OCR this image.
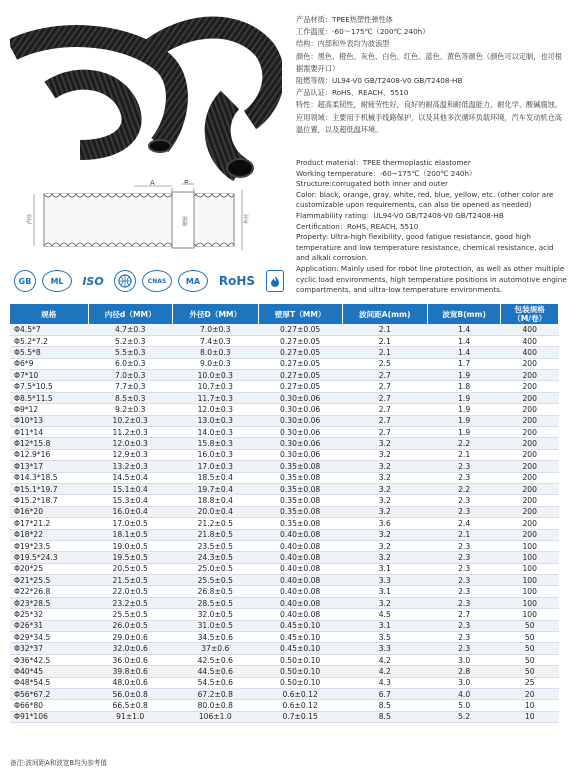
A	B
内径	外径
壁厚
GB	ML	ISO	CNAS	MA	RoHS

产品材质：TPEE热塑性弹性体

工作温度：-60～175℃（200℃ 240h）

结构：内部和外表均为波浪型

颜色：黑色、橙色、灰色、白色、红色、蓝色、黄色等颜色（颜色可以定制，也可根据需要开口）

阻燃等级：UL94-V0 GB/T2408-V0 GB/T2408-HB

产品认证：RoHS、REACH、5510

特性：超高柔韧性，耐疲劳性好，良好的耐高温和耐低温能力，耐化学、酸碱腐蚀。

应用领域：主要用于机械手线路保护，以及其他多次循环负载环境，汽车发动机仓高温位置，以及超低温环境。

Product material：TPEE thermoplastic elastomer

Working temperature：-60~175℃（200℃ 240h）

Structure:corrugated both inner and outer

Color: black, orange, gray, white, red, blue, yellow, etc. (other color are customizable upon requirements, can also be opened as needed)

Flammability rating：UL94-V0 GB/T2408-V0 GB/T2408-HB

Certification：RoHS, REACH, 5510

Property: Ultra-high flexibility, good fatigue resistance, good high temperature and low temperature resistance, chemical resistance, acid and alkali corrosion.

Application: Mainly used for robot line protection, as well as other multiple cyclic load environments, high temperature positions in automotive engine compartments, and ultra-low temperature environments.

规格	内径d（MM）	外径D（MM）	壁厚T（MM）	波间距A(mm)	波宽B(mm)	包装规格
（M/卷）
Φ4.5*7	4.7±0.3	7.0±0.3	0.27±0.05	2.1	1.4	400
Φ5.2*7.2	5.2±0.3	7.4±0.3	0.27±0.05	2.1	1.4	400
Φ5.5*8	5.5±0.3	8.0±0.3	0.27±0.05	2.1	1.4	400
Φ6*9	6.0±0.3	9.0±0.3	0.27±0.05	2.5	1.7	200
Φ7*10	7.0±0.3	10.0±0.3	0.27±0.05	2.7	1.9	200
Φ7.5*10.5	7.7±0.3	10.7±0.3	0.27±0.05	2.7	1.8	200
Φ8.5*11.5	8.5±0.3	11.7±0.3	0.30±0.06	2.7	1.9	200
Φ9*12	9.2±0.3	12.0±0.3	0.30±0.06	2.7	1.9	200
Φ10*13	10.2±0.3	13.0±0.3	0.30±0.06	2.7	1.9	200
Φ11*14	11.2±0.3	14.0±0.3	0.30±0.06	2.7	1.9	200
Φ12*15.8	12.0±0.3	15.8±0.3	0.30±0.06	3.2	2.2	200
Φ12.9*16	12.9±0.3	16.0±0.3	0.30±0.06	3.2	2.1	200
Φ13*17	13.2±0.3	17.0±0.3	0.35±0.08	3.2	2.3	200
Φ14.3*18.5	14.5±0.4	18.5±0.4	0.35±0.08	3.2	2.3	200
Φ15.1*19.7	15.1±0.4	19.7±0.4	0.35±0.08	3.2	2.2	200
Φ15.2*18.7	15.3±0.4	18.8±0.4	0.35±0.08	3.2	2.3	200
Φ16*20	16.0±0.4	20.0±0.4	0.35±0.08	3.2	2.3	200
Φ17*21.2	17.0±0.5	21.2±0.5	0.35±0.08	3.6	2.4	200
Φ18*22	18.1±0.5	21.8±0.5	0.40±0.08	3.2	2.1	200
Φ19*23.5	19.0±0.5	23.5±0.5	0.40±0.08	3.2	2.3	100
Φ19.5*24.3	19.5±0.5	24.3±0.5	0.40±0.08	3.2	2.3	100
Φ20*25	20.5±0.5	25.0±0.5	0.40±0.08	3.1	2.3	100
Φ21*25.5	21.5±0.5	25.5±0.5	0.40±0.08	3.3	2.3	100
Φ22*26.8	22.0±0.5	26.8±0.5	0.40±0.08	3.1	2.3	100
Φ23*28.5	23.2±0.5	28.5±0.5	0.40±0.08	3.2	2.3	100
Φ25*32	25.5±0.5	32.0±0.5	0.40±0.08	4.5	2.7	100
Φ26*31	26.0±0.5	31.0±0.5	0.45±0.10	3.1	2.3	50
Φ29*34.5	29.0±0.6	34.5±0.6	0.45±0.10	3.5	2.3	50
Φ32*37	32.0±0.6	37±0.6	0.45±0.10	3.3	2.3	50
Φ36*42.5	36.0±0.6	42.5±0.6	0.50±0.10	4.2	3.0	50
Φ40*45	39.8±0.6	44.5±0.6	0.50±0.10	4.2	2.8	50
Φ48*54.5	48.0±0.6	54.5±0.6	0.50±0.10	4.3	3.0	25
Φ56*67.2	56.0±0.8	67.2±0.8	0.6±0.12	6.7	4.0	20
Φ66*80	66.5±0.8	80.0±0.8	0.6±0.12	8.5	5.0	10
Φ91*106	91±1.0	106±1.0	0.7±0.15	8.5	5.2	10
备注:波间距A和波宽B均为参考值
